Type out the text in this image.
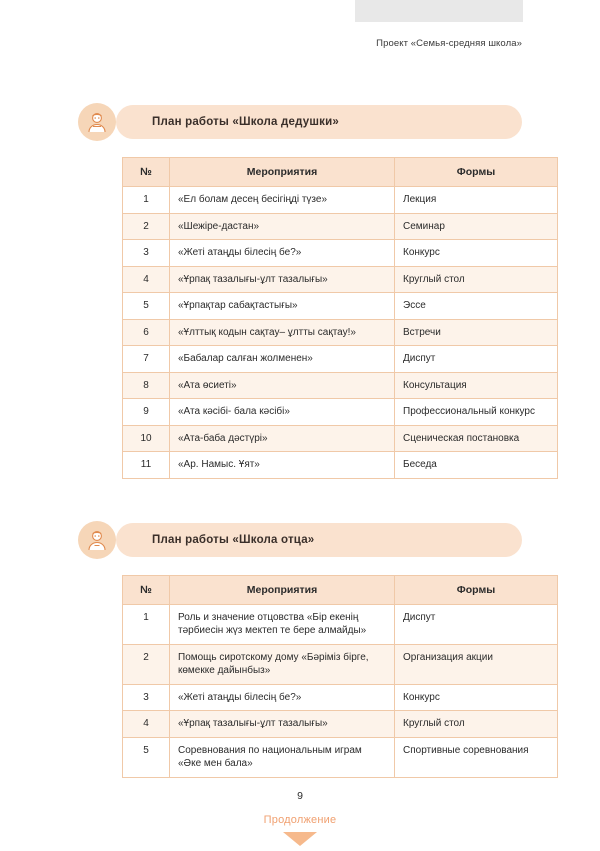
Проект «Семья-средняя школа»
План работы «Школа дедушки»
№	Мероприятия	Формы
1	«Ел болам десең бесігіңді түзе»	Лекция
2	«Шежіре-дастан»	Семинар
3	«Жеті атаңды білесің бе?»	Конкурс
4	«Ұрпақ тазалығы-ұлт тазалығы»	Круглый стол
5	«Ұрпақтар сабақтастығы»	Эссе
6	«Ұлттық кодын сақтау– ұлтты сақтау!»	Встречи
7	«Бабалар салған жолменен»	Диспут
8	«Ата өсиеті»	Консультация
9	«Ата кәсібі- бала кәсібі»	Профессиональный конкурс
10	«Ата-баба дәстүрі»	Сценическая постановка
11	«Ар. Намыс. Ұят»	Беседа
План работы «Школа отца»
№	Мероприятия	Формы
1	Роль и значение отцовства «Бір екенің тәрбиесін жүз мектеп те бере алмайды»	Диспут
2	Помощь сиротскому дому «Бәріміз бірге, көмекке дайынбыз»	Организация акции
3	«Жеті атаңды білесің бе?»	Конкурс
4	«Ұрпақ тазалығы-ұлт тазалығы»	Круглый стол
5	Соревнования по национальным играм «Әке мен бала»	Спортивные соревнования
Продолжение
9
